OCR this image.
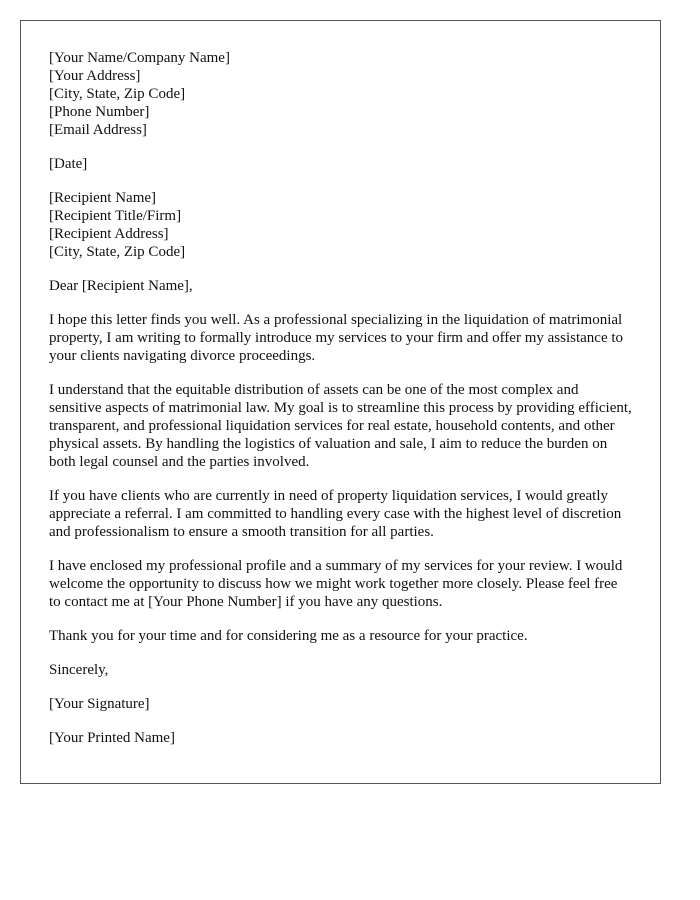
[Your Name/Company Name]
[Your Address]
[City, State, Zip Code]
[Phone Number]
[Email Address]

[Date]

[Recipient Name]
[Recipient Title/Firm]
[Recipient Address]
[City, State, Zip Code]

Dear [Recipient Name],

I hope this letter finds you well. As a professional specializing in the liquidation of matrimonial property, I am writing to formally introduce my services to your firm and offer my assistance to your clients navigating divorce proceedings.

I understand that the equitable distribution of assets can be one of the most complex and sensitive aspects of matrimonial law. My goal is to streamline this process by providing efficient, transparent, and professional liquidation services for real estate, household contents, and other physical assets. By handling the logistics of valuation and sale, I aim to reduce the burden on both legal counsel and the parties involved.

If you have clients who are currently in need of property liquidation services, I would greatly appreciate a referral. I am committed to handling every case with the highest level of discretion and professionalism to ensure a smooth transition for all parties.

I have enclosed my professional profile and a summary of my services for your review. I would welcome the opportunity to discuss how we might work together more closely. Please feel free to contact me at [Your Phone Number] if you have any questions.

Thank you for your time and for considering me as a resource for your practice.

Sincerely,

[Your Signature]

[Your Printed Name]
